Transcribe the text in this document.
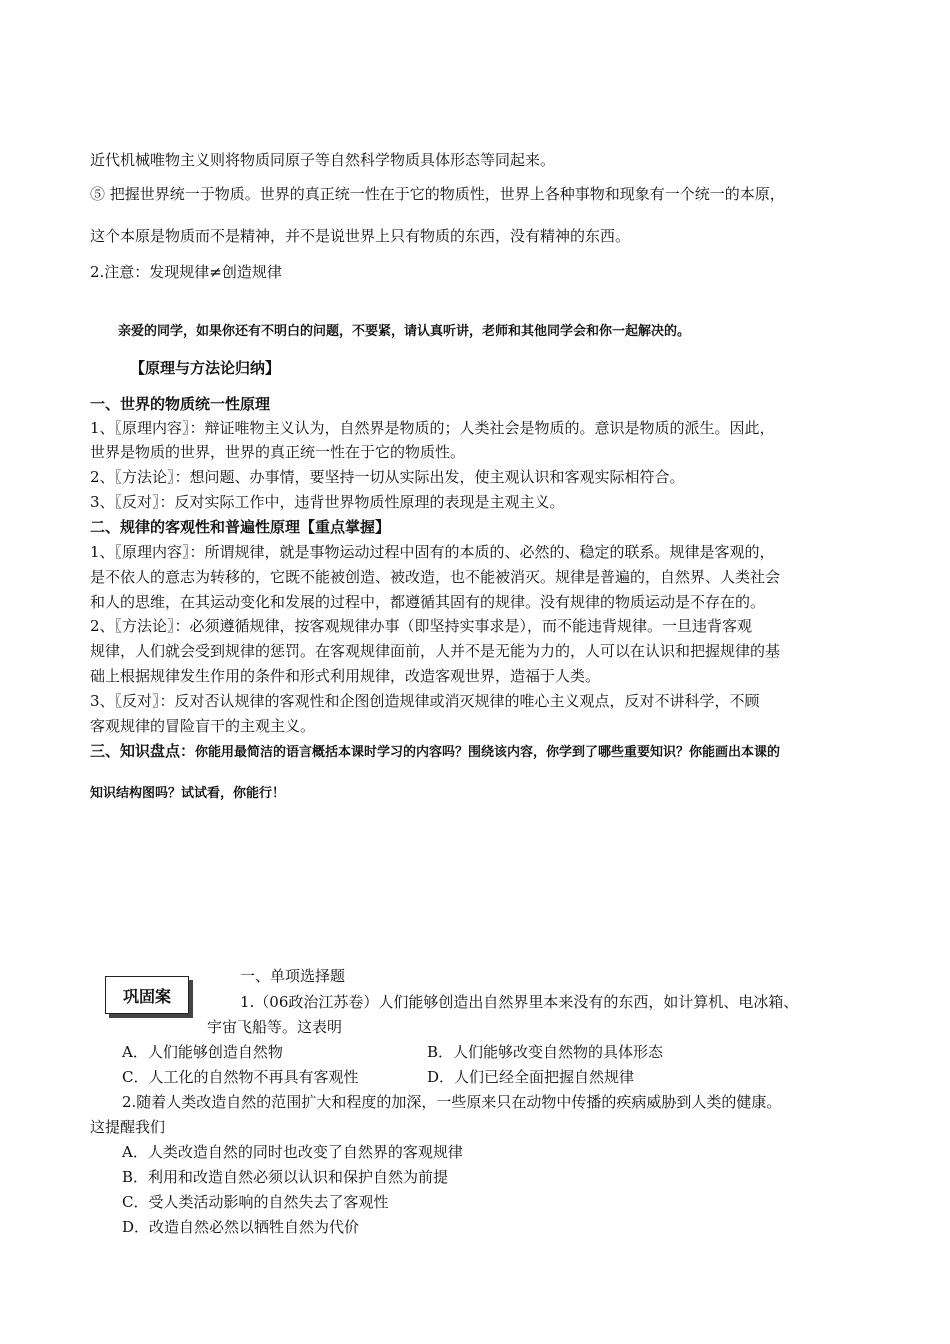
近代机械唯物主义则将物质同原子等自然科学物质具体形态等同起来。
⑤ 把握世界统一于物质。世界的真正统一性在于它的物质性，世界上各种事物和现象有一个统一的本原，
这个本原是物质而不是精神，并不是说世界上只有物质的东西，没有精神的东西。
2.注意：发现规律≠创造规律
亲爱的同学，如果你还有不明白的问题，不要紧，请认真听讲，老师和其他同学会和你一起解决的。
【原理与方法论归纳】
一、世界的物质统一性原理
1、〖原理内容〗：辩证唯物主义认为，自然界是物质的；人类社会是物质的。意识是物质的派生。因此，
世界是物质的世界，世界的真正统一性在于它的物质性。
2、〖方法论〗：想问题、办事情，要坚持一切从实际出发，使主观认识和客观实际相符合。
3、〖反对〗：反对实际工作中，违背世界物质性原理的表现是主观主义。
二、规律的客观性和普遍性原理【重点掌握】
1、〖原理内容〗：所谓规律，就是事物运动过程中固有的本质的、必然的、稳定的联系。规律是客观的，
是不依人的意志为转移的，它既不能被创造、被改造，也不能被消灭。规律是普遍的，自然界、人类社会
和人的思维，在其运动变化和发展的过程中，都遵循其固有的规律。没有规律的物质运动是不存在的。
2、〖方法论〗：必须遵循规律，按客观规律办事（即坚持实事求是），而不能违背规律。一旦违背客观
规律，人们就会受到规律的惩罚。在客观规律面前，人并不是无能为力的，人可以在认识和把握规律的基
础上根据规律发生作用的条件和形式利用规律，改造客观世界，造福于人类。
3、〖反对〗：反对否认规律的客观性和企图创造规律或消灭规律的唯心主义观点，反对不讲科学，不顾
客观规律的冒险盲干的主观主义。
三、知识盘点：你能用最简洁的语言概括本课时学习的内容吗？围绕该内容，你学到了哪些重要知识？你能画出本课的
知识结构图吗？试试看，你能行！
巩固案
一、单项选择题
1.（06政治江苏卷）人们能够创造出自然界里本来没有的东西，如计算机、电冰箱、
宇宙飞船等。这表明
A．人们能够创造自然物	B．人们能够改变自然物的具体形态
C．人工化的自然物不再具有客观性	D．人们已经全面把握自然规律
2.随着人类改造自然的范围扩大和程度的加深，一些原来只在动物中传播的疾病威胁到人类的健康。
这提醒我们
A．人类改造自然的同时也改变了自然界的客观规律
B．利用和改造自然必须以认识和保护自然为前提
C．受人类活动影响的自然失去了客观性
D．改造自然必然以牺牲自然为代价
